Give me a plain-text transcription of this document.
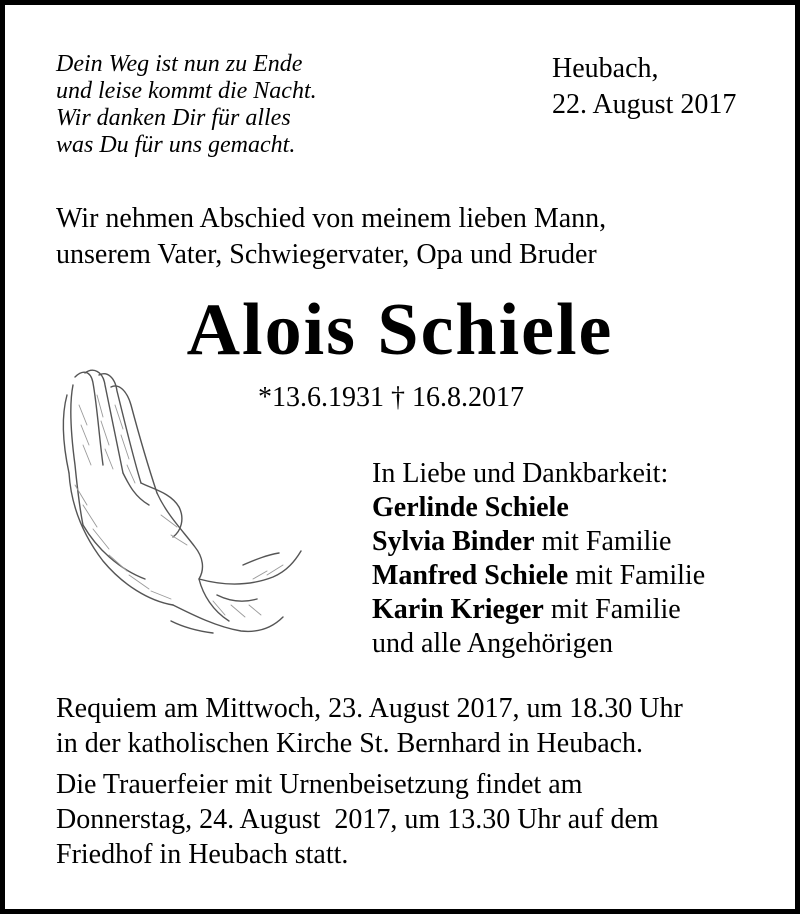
Dein Weg ist nun zu Ende
und leise kommt die Nacht.
Wir danken Dir für alles
was Du für uns gemacht.
Heubach,
22. August 2017
Wir nehmen Abschied von meinem lieben Mann,
unserem Vater, Schwiegervater, Opa und Bruder
Alois Schiele
*13.6.1931 † 16.8.2017
In Liebe und Dankbarkeit:
Gerlinde Schiele
Sylvia Binder mit Familie
Manfred Schiele mit Familie
Karin Krieger mit Familie
und alle Angehörigen
Requiem am Mittwoch, 23. August 2017, um 18.30 Uhr
in der katholischen Kirche St. Bernhard in Heubach.
Die Trauerfeier mit Urnenbeisetzung findet am
Donnerstag, 24. August  2017, um 13.30 Uhr auf dem
Friedhof in Heubach statt.
